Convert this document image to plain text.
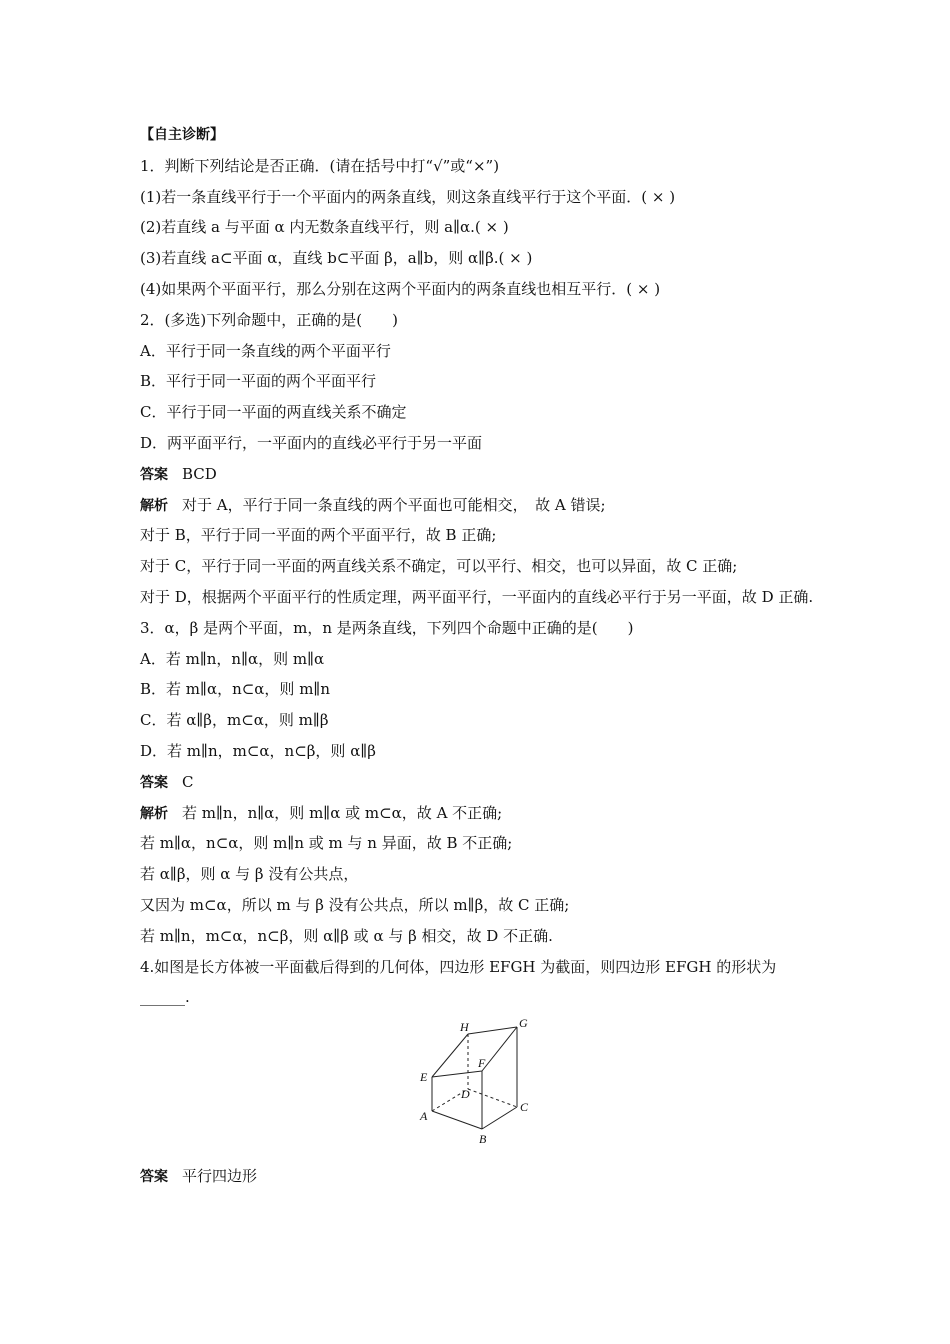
【自主诊断】
1．判断下列结论是否正确．(请在括号中打“√”或“×”)
(1)若一条直线平行于一个平面内的两条直线，则这条直线平行于这个平面．( × )
(2)若直线 a 与平面 α 内无数条直线平行，则 a∥α.( × )
(3)若直线 a⊂平面 α，直线 b⊂平面 β，a∥b，则 α∥β.( × )
(4)如果两个平面平行，那么分别在这两个平面内的两条直线也相互平行．( × )
2．(多选)下列命题中，正确的是(　　)
A．平行于同一条直线的两个平面平行
B．平行于同一平面的两个平面平行
C．平行于同一平面的两直线关系不确定
D．两平面平行，一平面内的直线必平行于另一平面
答案 BCD
解析 对于 A，平行于同一条直线的两个平面也可能相交，　故 A 错误;
对于 B，平行于同一平面的两个平面平行，故 B 正确;
对于 C，平行于同一平面的两直线关系不确定，可以平行、相交，也可以异面，故 C 正确;
对于 D，根据两个平面平行的性质定理，两平面平行，一平面内的直线必平行于另一平面，故 D 正确.
3．α，β 是两个平面，m，n 是两条直线，下列四个命题中正确的是(　　)
A．若 m∥n，n∥α，则 m∥α
B．若 m∥α，n⊂α，则 m∥n
C．若 α∥β，m⊂α，则 m∥β
D．若 m∥n，m⊂α，n⊂β，则 α∥β
答案 C
解析 若 m∥n，n∥α，则 m∥α 或 m⊂α，故 A 不正确;
若 m∥α，n⊂α，则 m∥n 或 m 与 n 异面，故 B 不正确;
若 α∥β，则 α 与 β 没有公共点，
又因为 m⊂α，所以 m 与 β 没有公共点，所以 m∥β，故 C 正确;
若 m∥n，m⊂α，n⊂β，则 α∥β 或 α 与 β 相交，故 D 不正确.
4.如图是长方体被一平面截后得到的几何体，四边形 EFGH 为截面，则四边形 EFGH 的形状为______.
H	G
E
F
D
A
B
C
答案 平行四边形
